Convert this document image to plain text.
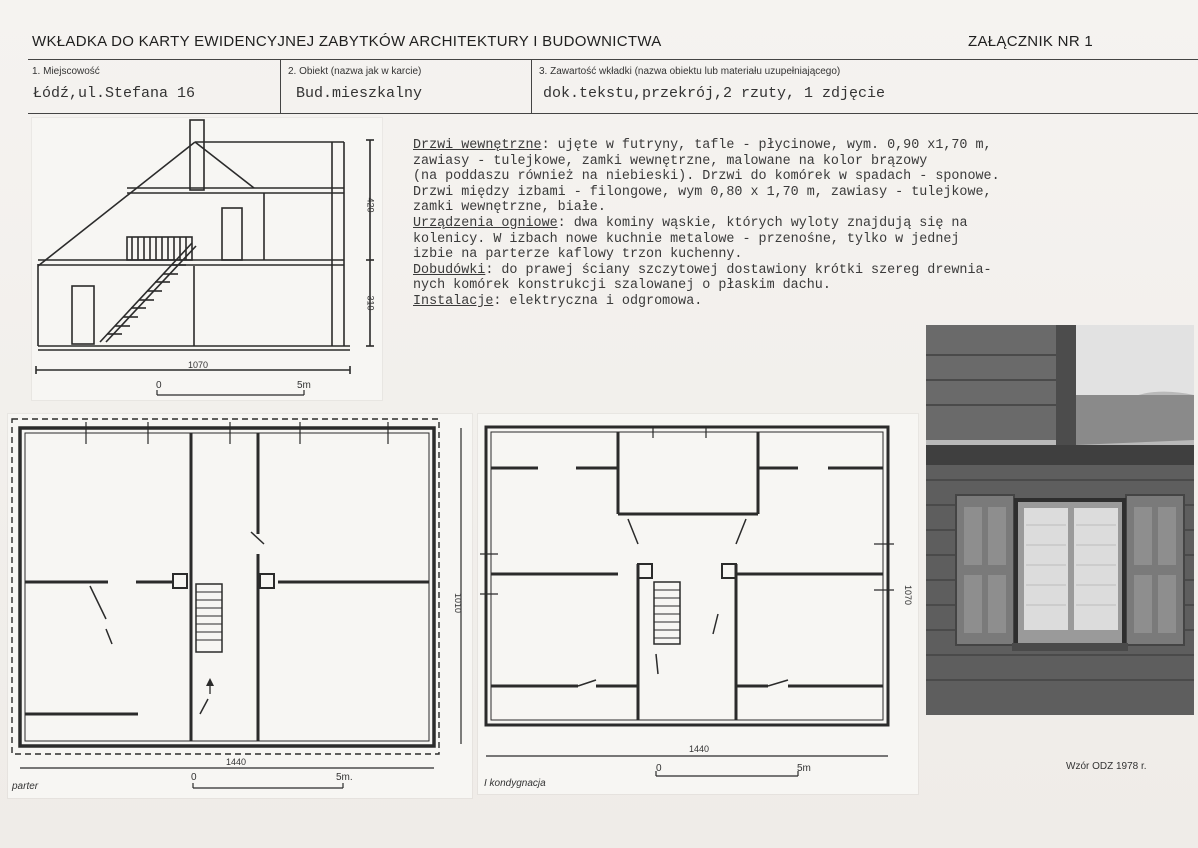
WKŁADKA DO KARTY EWIDENCYJNEJ ZABYTKÓW ARCHITEKTURY I BUDOWNICTWA	ZAŁĄCZNIK NR 1
1. Miejscowość
Łódź,ul.Stefana 16
2. Obiekt (nazwa jak w karcie)
Bud.mieszkalny
3. Zawartość wkładki (nazwa obiektu lub materiału uzupełniającego)
dok.tekstu,przekrój,2 rzuty, 1 zdjęcie

Drzwi wewnętrzne: ujęte w futryny, tafle - płycinowe, wym. 0,90 x1,70 m,

zawiasy - tulejkowe, zamki wewnętrzne, malowane na kolor brązowy

(na poddaszu również na niebieski). Drzwi do komórek w spadach - sponowe.

Drzwi między izbami - filongowe, wym 0,80 x 1,70 m, zawiasy - tulejkowe,

zamki wewnętrzne, białe.

Urządzenia ogniowe: dwa kominy wąskie, których wyloty znajdują się na

kolenicy. W izbach nowe kuchnie metalowe - przenośne, tylko w jednej

izbie na parterze kaflowy trzon kuchenny.

Dobudówki: do prawej ściany szczytowej dostawiony krótki szereg drewnia-

nych komórek konstrukcji szalowanej o płaskim dachu.

Instalacje: elektryczna i odgromowa.

420
310
1070
0	5m
1440
1010
0	5m.
parter
1440
1070
0	5m
I kondygnacja
Wzór ODZ 1978 r.
